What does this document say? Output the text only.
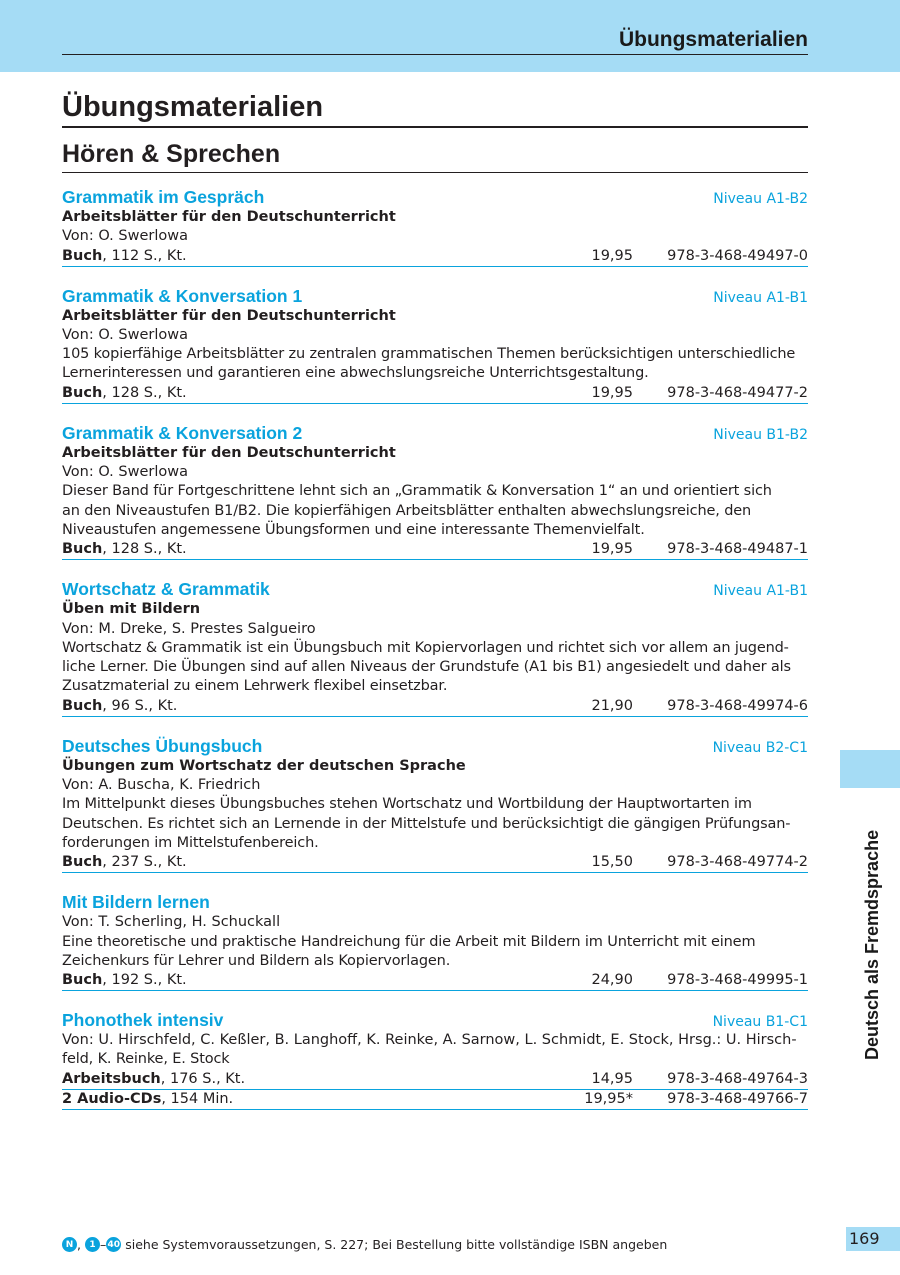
Übungsmaterialien
Übungsmaterialien
Hören & Sprechen
Grammatik im Gespräch	Niveau A1-B2
Arbeitsblätter für den Deutschunterricht
Von: O. Swerlowa
Buch, 112 S., Kt.	19,95	978-3-468-49497-0
Grammatik & Konversation 1	Niveau A1-B1
Arbeitsblätter für den Deutschunterricht
Von: O. Swerlowa
105 kopierfähige Arbeitsblätter zu zentralen grammatischen Themen berücksichtigen unterschiedliche
Lernerinteressen und garantieren eine abwechslungsreiche Unterrichtsgestaltung.
Buch, 128 S., Kt.	19,95	978-3-468-49477-2
Grammatik & Konversation 2	Niveau B1-B2
Arbeitsblätter für den Deutschunterricht
Von: O. Swerlowa
Dieser Band für Fortgeschrittene lehnt sich an „Grammatik & Konversation 1“ an und orientiert sich
an den Niveaustufen B1/B2. Die kopierfähigen Arbeitsblätter enthalten abwechslungsreiche, den
Niveaustufen angemessene Übungsformen und eine interessante Themenvielfalt.
Buch, 128 S., Kt.	19,95	978-3-468-49487-1
Wortschatz & Grammatik	Niveau A1-B1
Üben mit Bildern
Von: M. Dreke, S. Prestes Salgueiro
Wortschatz & Grammatik ist ein Übungsbuch mit Kopiervorlagen und richtet sich vor allem an jugend-
liche Lerner. Die Übungen sind auf allen Niveaus der Grundstufe (A1 bis B1) angesiedelt und daher als
Zusatzmaterial zu einem Lehrwerk flexibel einsetzbar.
Buch, 96 S., Kt.	21,90	978-3-468-49974-6
Deutsches Übungsbuch	Niveau B2-C1
Übungen zum Wortschatz der deutschen Sprache
Von: A. Buscha, K. Friedrich
Im Mittelpunkt dieses Übungsbuches stehen Wortschatz und Wortbildung der Hauptwortarten im
Deutschen. Es richtet sich an Lernende in der Mittelstufe und berücksichtigt die gängigen Prüfungsan-
forderungen im Mittelstufenbereich.
Buch, 237 S., Kt.	15,50	978-3-468-49774-2
Mit Bildern lernen
Von: T. Scherling, H. Schuckall
Eine theoretische und praktische Handreichung für die Arbeit mit Bildern im Unterricht mit einem
Zeichenkurs für Lehrer und Bildern als Kopiervorlagen.
Buch, 192 S., Kt.	24,90	978-3-468-49995-1
Phonothek intensiv	Niveau B1-C1
Von: U. Hirschfeld, C. Keßler, B. Langhoff, K. Reinke, A. Sarnow, L. Schmidt, E. Stock, Hrsg.: U. Hirsch-
feld, K. Reinke, E. Stock
Arbeitsbuch, 176 S., Kt.	14,95	978-3-468-49764-3
2 Audio-CDs, 154 Min.	19,95*	978-3-468-49766-7
Deutsch als Fremdsprache
169
N , 1 – 40 siehe Systemvoraussetzungen, S. 227; Bei Bestellung bitte vollständige ISBN angeben
